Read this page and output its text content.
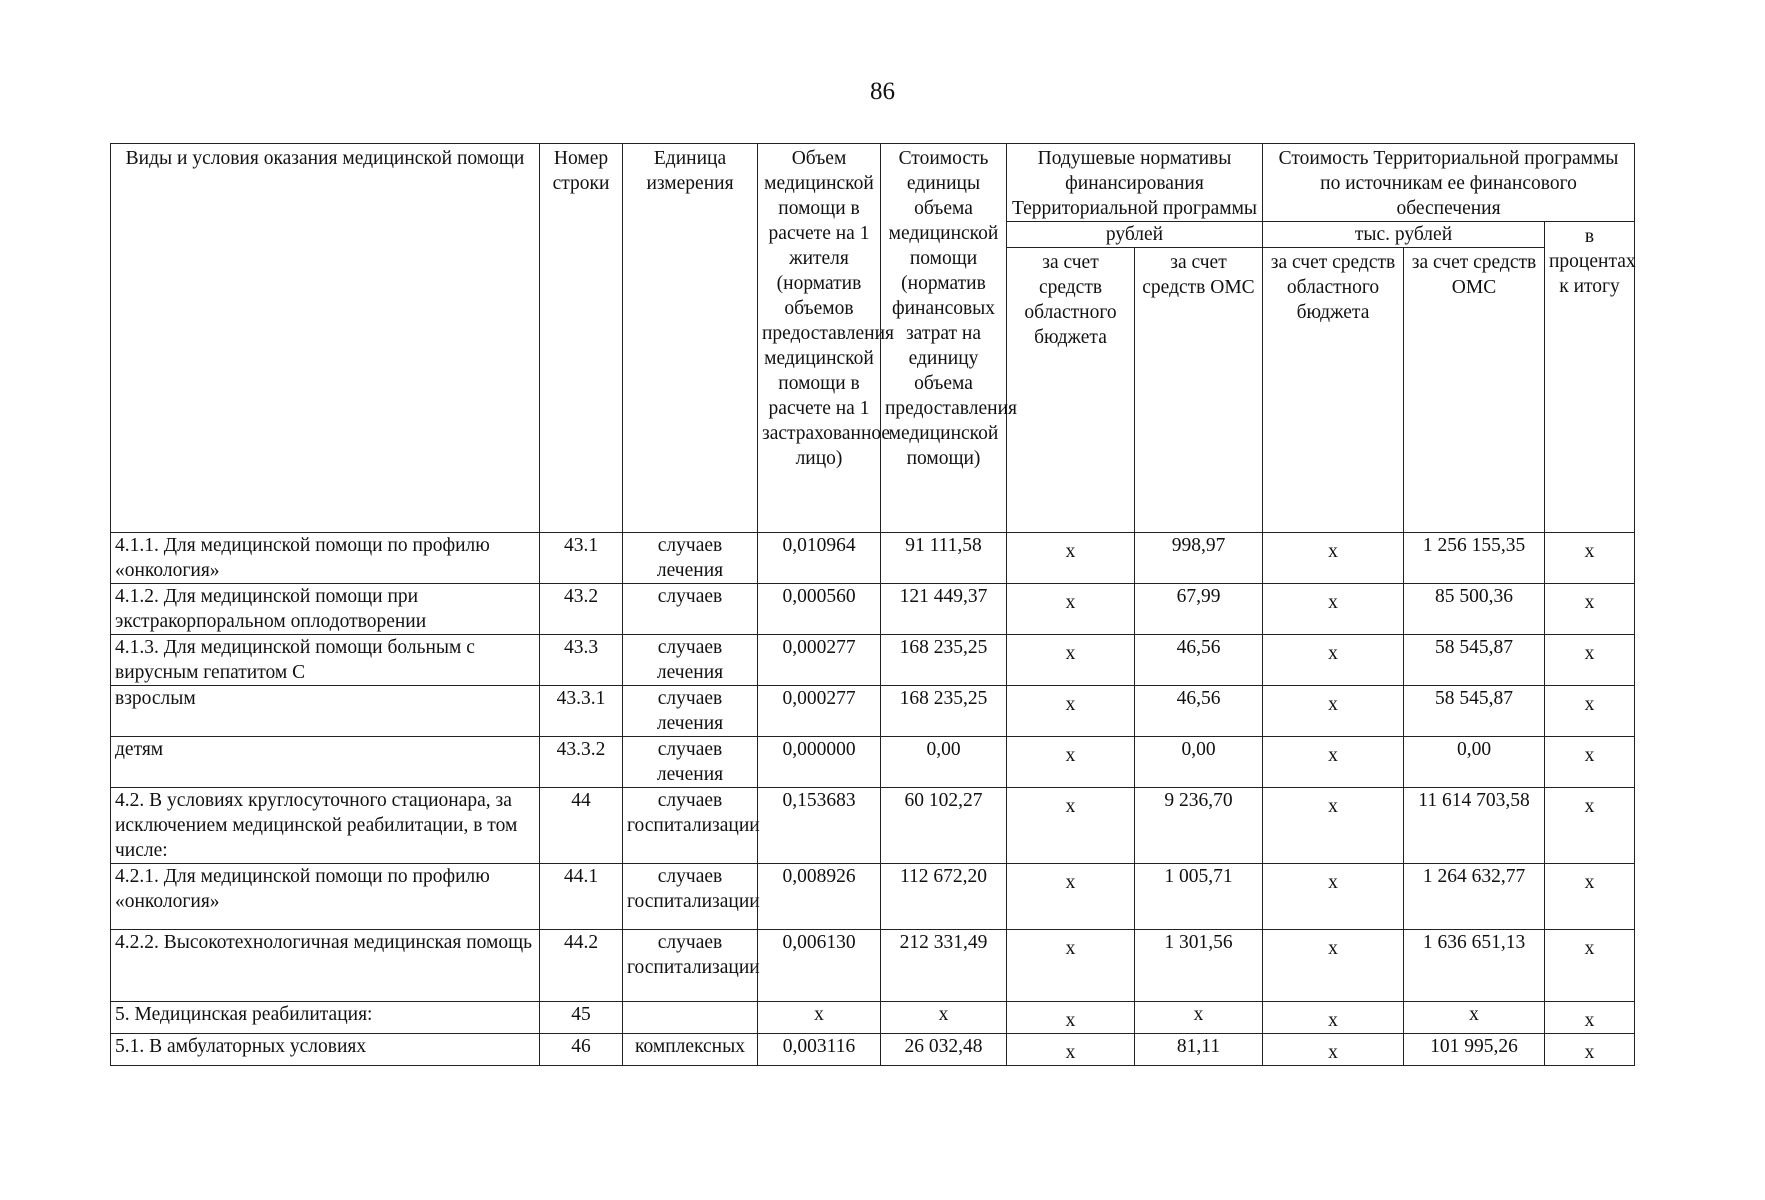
86
Виды и условия оказания медицинской помощи	Номер строки	Единица измерения	Объем медицинской помощи в расчете на 1 жителя (норматив объемов предоставления медицинской помощи в расчете на 1 застрахованное лицо)	Стоимость единицы объема медицинской помощи (норматив финансовых затрат на единицу объема предоставления медицинской помощи)	Подушевые нормативы финансирования Территориальной программы		Стоимость Территориальной программы по источникам ее финансового обеспечения		
					рублей		тыс. рублей		в процентах к итогу
					за счет средств областного бюджета	за счет средств ОМС	за счет средств областного бюджета	за счет средств ОМС	
4.1.1. Для медицинской помощи по профилю «онкология»	43.1	случаев лечения	0,010964	91 111,58	х	998,97	х	1 256 155,35	х
4.1.2. Для медицинской помощи при экстракорпоральном оплодотворении	43.2	случаев	0,000560	121 449,37	х	67,99	х	85 500,36	х
4.1.3. Для медицинской помощи больным с вирусным гепатитом С	43.3	случаев лечения	0,000277	168 235,25	х	46,56	х	58 545,87	х
взрослым	43.3.1	случаев лечения	0,000277	168 235,25	х	46,56	х	58 545,87	х
детям	43.3.2	случаев лечения	0,000000	0,00	х	0,00	х	0,00	х
4.2. В условиях круглосуточного стационара, за исключением медицинской реабилитации, в том числе:	44	случаев госпитализации	0,153683	60 102,27	х	9 236,70	х	11 614 703,58	х
4.2.1. Для медицинской помощи по профилю «онкология»	44.1	случаев госпитализации	0,008926	112 672,20	х	1 005,71	х	1 264 632,77	х
4.2.2. Высокотехнологичная медицинская помощь	44.2	случаев госпитализации	0,006130	212 331,49	х	1 301,56	х	1 636 651,13	х
5. Медицинская реабилитация:	45		х	х	х	х	х	х	х
5.1. В амбулаторных условиях	46	комплексных	0,003116	26 032,48	х	81,11	х	101 995,26	х
